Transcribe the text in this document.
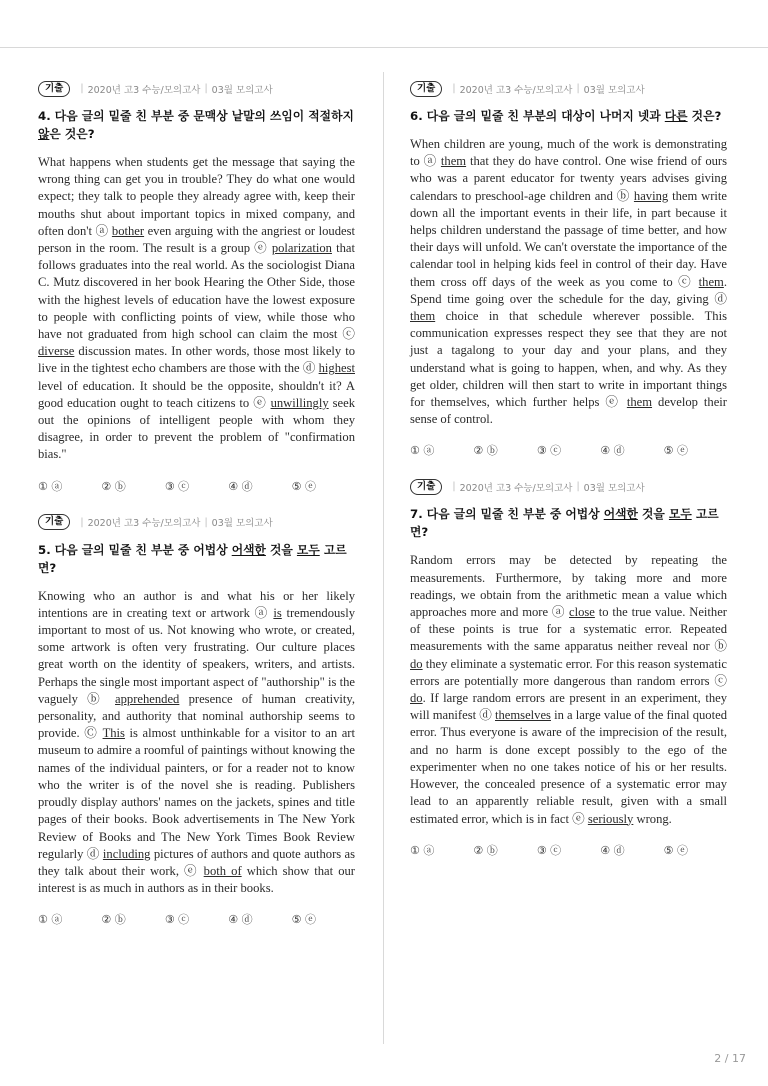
기출	| 2020년 고3 수능/모의고사 | 03월 모의고사
4. 다음 글의 밑줄 친 부분 중 문맥상 낱말의 쓰임이 적절하지 않은 것은?
What happens when students get the message that saying the wrong thing can get you in trouble? They do what one would expect; they talk to people they already agree with, keep their mouths shut about important topics in mixed company, and often don't ⓐ bother even arguing with the angriest or loudest person in the room. The result is a group ⓔ polarization that follows graduates into the real world. As the sociologist Diana C. Mutz discovered in her book Hearing the Other Side, those with the highest levels of education have the lowest exposure to people with conflicting points of view, while those who have not graduated from high school can claim the most ⓒ diverse discussion mates. In other words, those most likely to live in the tightest echo chambers are those with the ⓓ highest level of education. It should be the opposite, shouldn't it? A good education ought to teach citizens to ⓔ unwillingly seek out the opinions of intelligent people with whom they disagree, in order to prevent the problem of "confirmation bias."
① ⓐ	② ⓑ	③ ⓒ	④ ⓓ	⑤ ⓔ
기출	| 2020년 고3 수능/모의고사 | 03월 모의고사
5. 다음 글의 밑줄 친 부분 중 어법상 어색한 것을 모두 고르면?
Knowing who an author is and what his or her likely intentions are in creating text or artwork ⓐ is tremendously important to most of us. Not knowing who wrote, or created, some artwork is often very frustrating. Our culture places great worth on the identity of speakers, writers, and artists. Perhaps the single most important aspect of "authorship" is the vaguely ⓑ apprehended presence of human creativity, personality, and authority that nominal authorship seems to provide. Ⓒ This is almost unthinkable for a visitor to an art museum to admire a roomful of paintings without knowing the names of the individual painters, or for a reader not to know who the writer is of the novel she is reading. Publishers proudly display authors' names on the jackets, spines and title pages of their books. Book advertisements in The New York Review of Books and The New York Times Book Review regularly ⓓ including pictures of authors and quote authors as they talk about their work, ⓔ both of which show that our interest is as much in authors as in their books.
① ⓐ	② ⓑ	③ ⓒ	④ ⓓ	⑤ ⓔ
기출	| 2020년 고3 수능/모의고사 | 03월 모의고사
6. 다음 글의 밑줄 친 부분의 대상이 나머지 넷과 다른 것은?
When children are young, much of the work is demonstrating to ⓐ them that they do have control. One wise friend of ours who was a parent educator for twenty years advises giving calendars to preschool-age children and ⓑ having them write down all the important events in their life, in part because it helps children understand the passage of time better, and how their days will unfold. We can't overstate the importance of the calendar tool in helping kids feel in control of their day. Have them cross off days of the week as you come to ⓒ them. Spend time going over the schedule for the day, giving ⓓ them choice in that schedule wherever possible. This communication expresses respect they see that they are not just a tagalong to your day and your plans, and they understand what is going to happen, when, and why. As they get older, children will then start to write in important things for themselves, which further helps ⓔ them develop their sense of control.
① ⓐ	② ⓑ	③ ⓒ	④ ⓓ	⑤ ⓔ
기출	| 2020년 고3 수능/모의고사 | 03월 모의고사
7. 다음 글의 밑줄 친 부분 중 어법상 어색한 것을 모두 고르면?
Random errors may be detected by repeating the measurements. Furthermore, by taking more and more readings, we obtain from the arithmetic mean a value which approaches more and more ⓐ close to the true value. Neither of these points is true for a systematic error. Repeated measurements with the same apparatus neither reveal nor ⓑ do they eliminate a systematic error. For this reason systematic errors are potentially more dangerous than random errors ⓒ do. If large random errors are present in an experiment, they will manifest ⓓ themselves in a large value of the final quoted error. Thus everyone is aware of the imprecision of the result, and no harm is done except possibly to the ego of the experimenter when no one takes notice of his or her results. However, the concealed presence of a systematic error may lead to an apparently reliable result, given with a small estimated error, which is in fact ⓔ seriously wrong.
① ⓐ	② ⓑ	③ ⓒ	④ ⓓ	⑤ ⓔ
2 / 17
